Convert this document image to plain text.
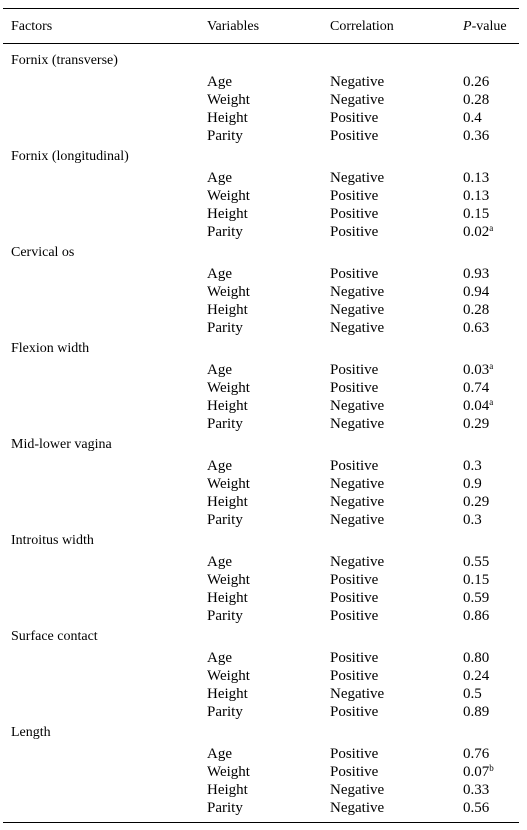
Factors	Variables	Correlation	P-value
Fornix (transverse)
Age	Negative	0.26
Weight	Negative	0.28
Height	Positive	0.4
Parity	Positive	0.36
Fornix (longitudinal)
Age	Negative	0.13
Weight	Positive	0.13
Height	Positive	0.15
Parity	Positive	0.02$^a$
Cervical os
Age	Positive	0.93
Weight	Negative	0.94
Height	Negative	0.28
Parity	Negative	0.63
Flexion width
Age	Positive	0.03$^a$
Weight	Positive	0.74
Height	Negative	0.04$^a$
Parity	Negative	0.29
Mid-lower vagina
Age	Positive	0.3
Weight	Negative	0.9
Height	Negative	0.29
Parity	Negative	0.3
Introitus width
Age	Negative	0.55
Weight	Positive	0.15
Height	Positive	0.59
Parity	Positive	0.86
Surface contact
Age	Positive	0.80
Weight	Positive	0.24
Height	Negative	0.5
Parity	Positive	0.89
Length
Age	Positive	0.76
Weight	Positive	0.07$^b$
Height	Negative	0.33
Parity	Negative	0.56
